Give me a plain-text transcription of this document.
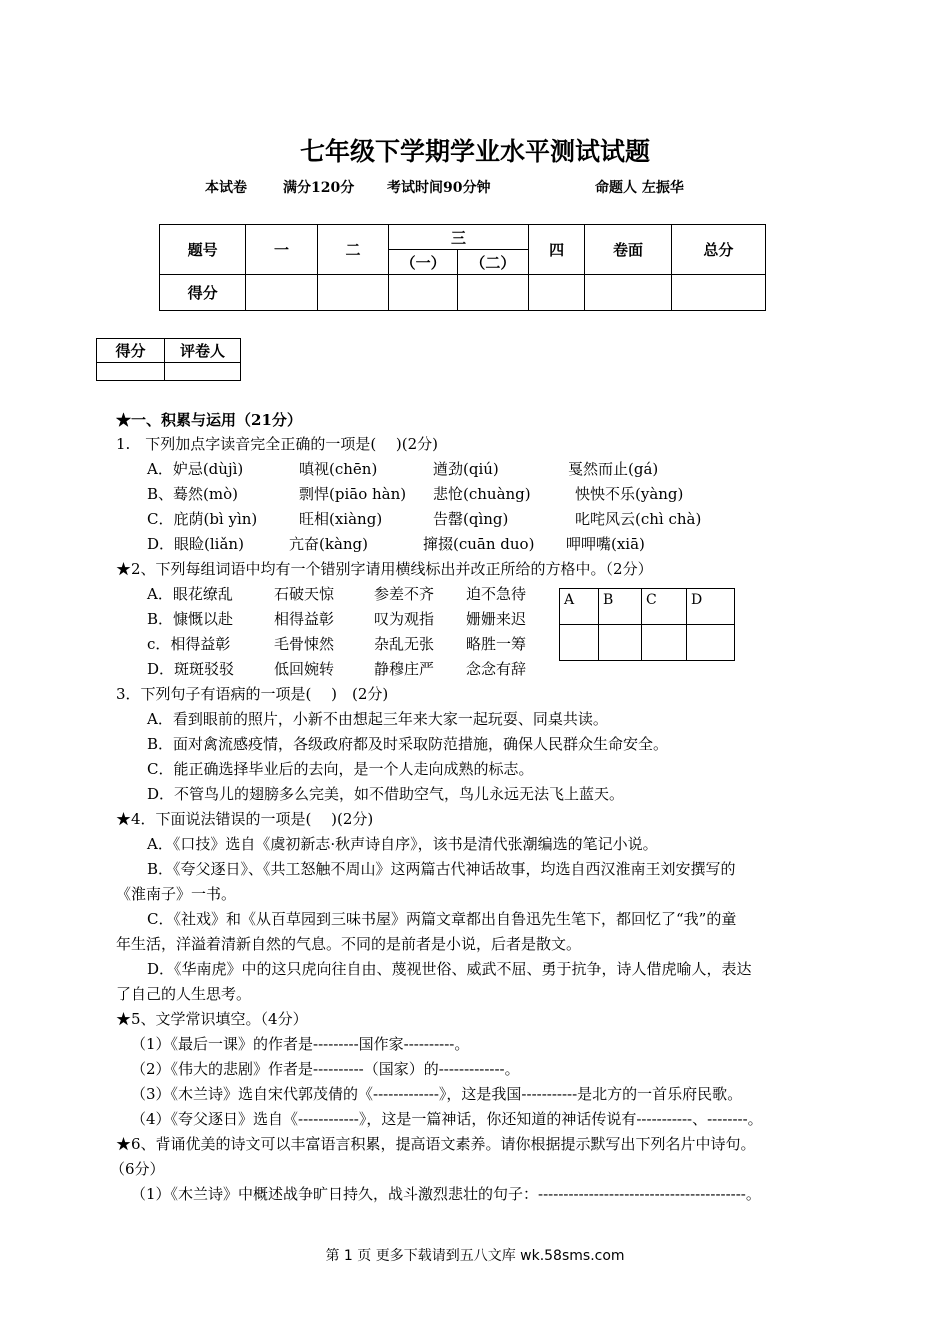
七年级下学期学业水平测试试题
本试卷	满分120分 考试时间90分钟	命题人 左振华
题号	一	二	三		四	卷面	总分
			（一）	（二）			
得分							
得分	评卷人

★一、积累与运用（21分）
1.　下列加点字读音完全正确的一项是(　 )(2分)
A．妒忌(dùjì)	嗔视(chēn)	遒劲(qiú)	戛然而止(gá)
B、蓦然(mò)	剽悍(piāo hàn) 悲怆(chuàng)	怏怏不乐(yàng)
C．庇荫(bì yìn)	旺相(xiàng)	告罄(qìng)	叱咤风云(chì chà)
D．眼睑(liǎn)	亢奋(kàng)	撺掇(cuān duo) 呷呷嘴(xiā)
★2、下列每组词语中均有一个错别字请用横线标出并改正所给的方格中。（2分）
A．眼花缭乱	石破天惊	参差不齐 迫不急待
B．慷慨以赴	相得益彰	叹为观指 姗姗来迟
c．相得益彰	毛骨悚然	杂乱无张 略胜一筹
D．斑斑驳驳	低回婉转	静穆庄严 念念有辞
A	B	C	D

3．下列句子有语病的一项是(　 )　(2分)
A．看到眼前的照片，小新不由想起三年来大家一起玩耍、同桌共读。
B．面对禽流感疫情，各级政府都及时采取防范措施，确保人民群众生命安全。
C．能正确选择毕业后的去向，是一个人走向成熟的标志。
D．不管鸟儿的翅膀多么完美，如不借助空气，鸟儿永远无法飞上蓝天。
★4．下面说法错误的一项是(　 )(2分)
A．《口技》选自《虞初新志·秋声诗自序》，该书是清代张潮编选的笔记小说。
B．《夸父逐日》、《共工怒触不周山》这两篇古代神话故事，均选自西汉淮南王刘安撰写的
《淮南子》一书。
C．《社戏》和《从百草园到三味书屋》两篇文章都出自鲁迅先生笔下，都回忆了“我”的童
年生活，洋溢着清新自然的气息。不同的是前者是小说，后者是散文。
D．《华南虎》中的这只虎向往自由、蔑视世俗、威武不屈、勇于抗争，诗人借虎喻人，表达
了自己的人生思考。
★5、文学常识填空。（4分）
（1）《最后一课》的作者是---------国作家----------。
（2）《伟大的悲剧》作者是----------（国家）的-------------。
（3）《木兰诗》选自宋代郭茂倩的《-------------》，这是我国-----------是北方的一首乐府民歌。
（4）《夸父逐日》选自《------------》，这是一篇神话，你还知道的神话传说有-----------、--------。
★6、背诵优美的诗文可以丰富语言积累，提高语文素养。请你根据提示默写出下列名片中诗句。
（6分）
（1）《木兰诗》中概述战争旷日持久，战斗激烈悲壮的句子：-----------------------------------------。
第 1 页 更多下载请到五八文库 wk.58sms.com
